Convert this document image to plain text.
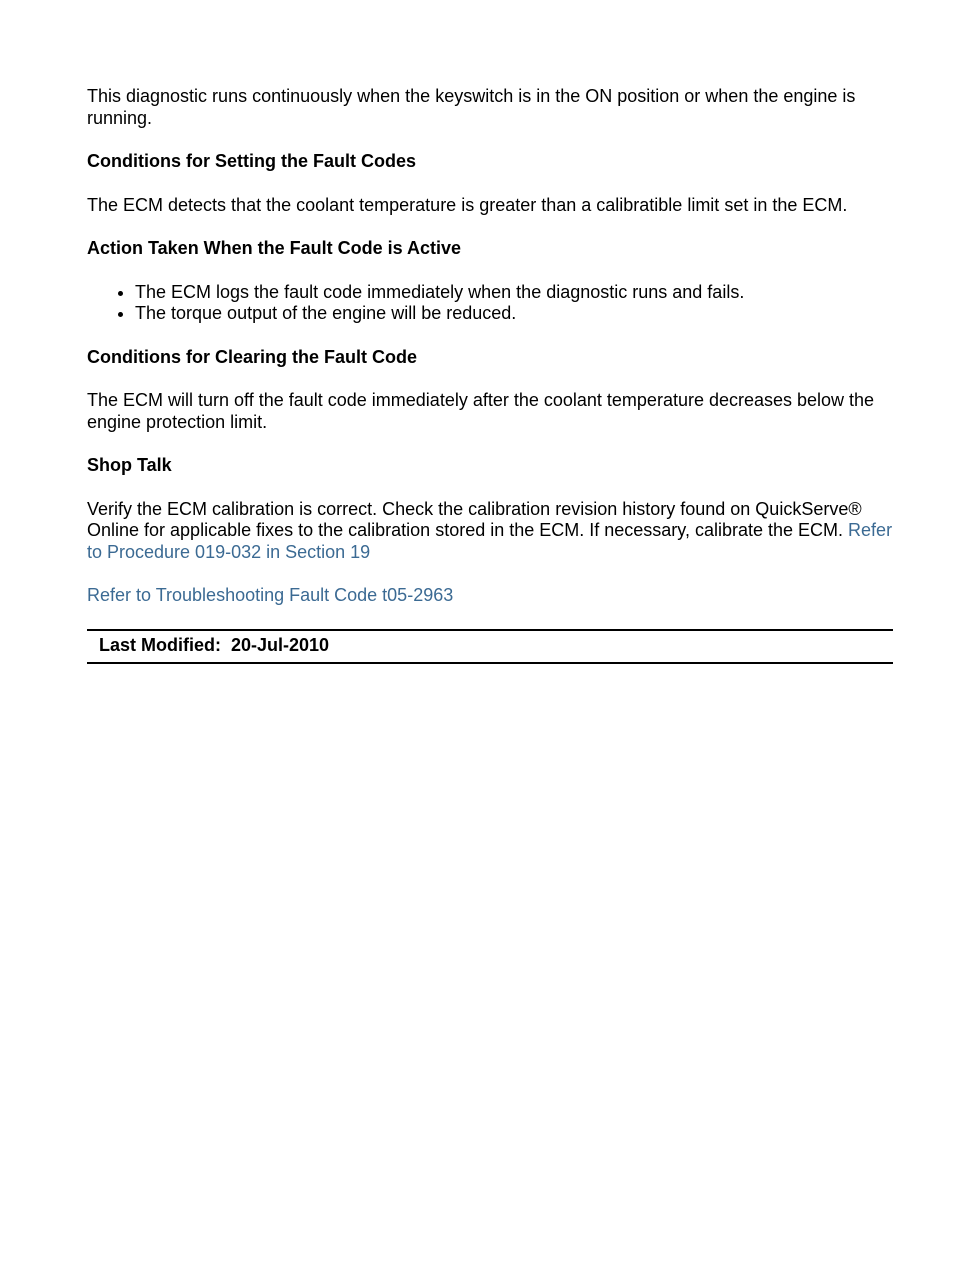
This diagnostic runs continuously when the keyswitch is in the ON position or when the engine is running.

Conditions for Setting the Fault Codes

The ECM detects that the coolant temperature is greater than a calibratible limit set in the ECM.

Action Taken When the Fault Code is Active
• The ECM logs the fault code immediately when the diagnostic runs and fails.
• The torque output of the engine will be reduced.
Conditions for Clearing the Fault Code

The ECM will turn off the fault code immediately after the coolant temperature decreases below the engine protection limit.

Shop Talk

Verify the ECM calibration is correct. Check the calibration revision history found on QuickServe® Online for applicable fixes to the calibration stored in the ECM. If necessary, calibrate the ECM. Refer to Procedure 019-032 in Section 19

Refer to Troubleshooting Fault Code t05-2963

Last Modified: 20-Jul-2010
